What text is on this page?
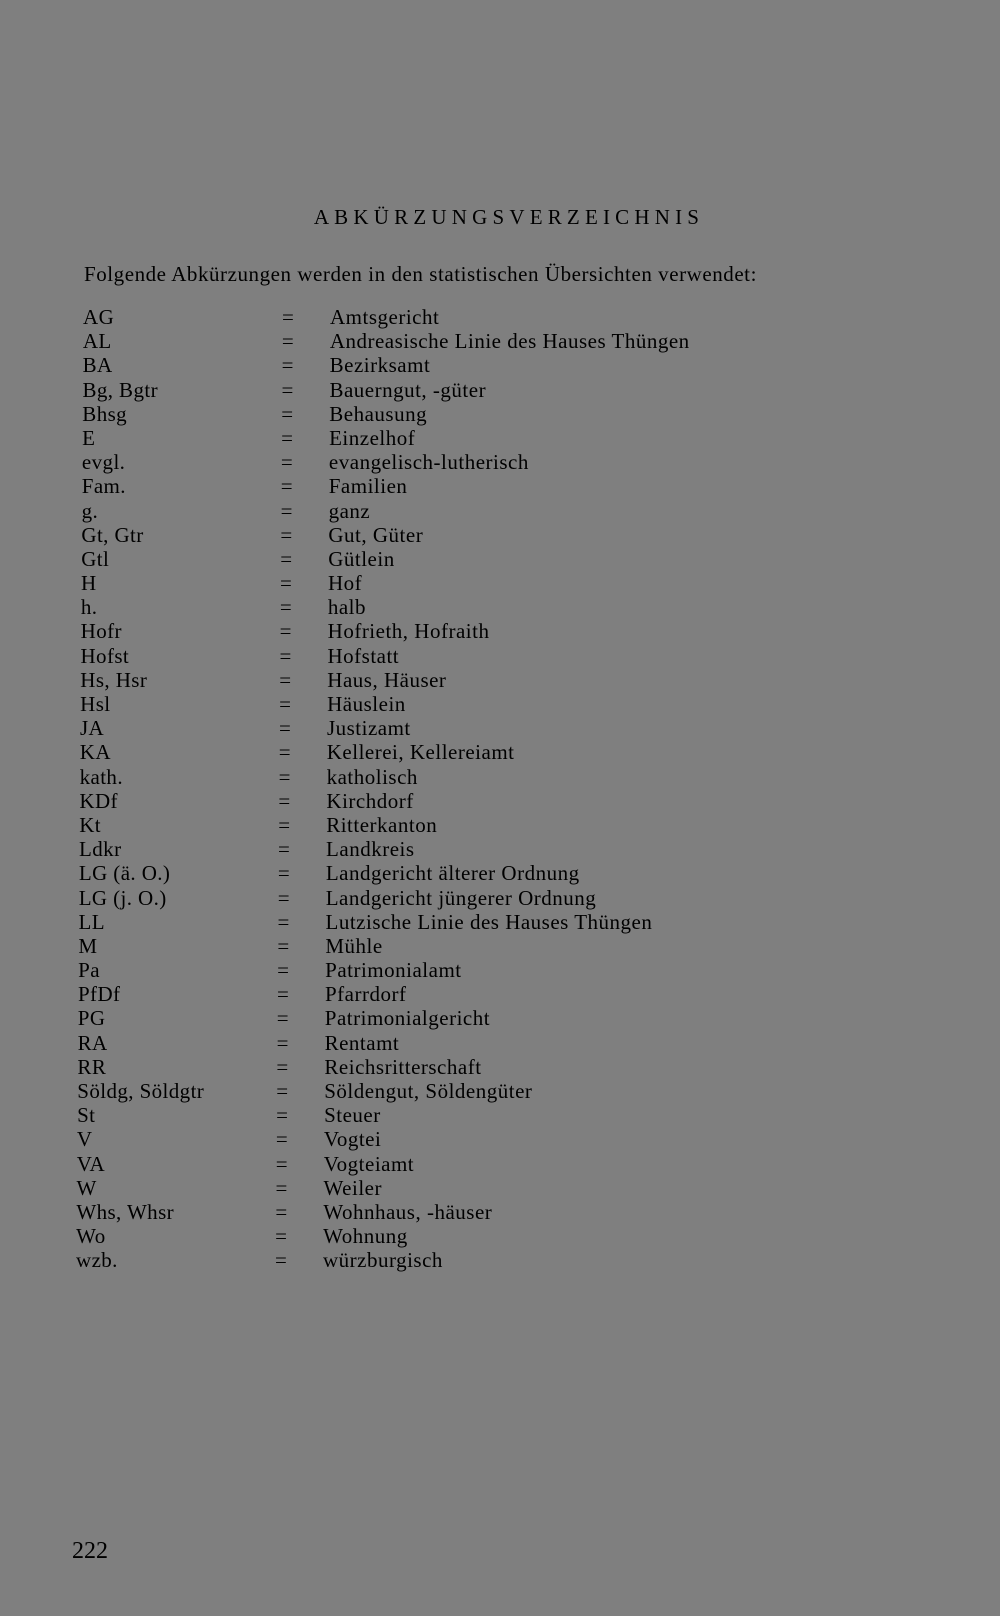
ABKÜRZUNGSVERZEICHNIS
Folgende Abkürzungen werden in den statistischen Übersichten verwendet:
AG	= Amtsgericht
AL	= Andreasische Linie des Hauses Thüngen
BA	= Bezirksamt
Bg, Bgtr	= Bauerngut, -güter
Bhsg	= Behausung
E	= Einzelhof
evgl.	= evangelisch-lutherisch
Fam.	= Familien
g.	= ganz
Gt, Gtr	= Gut, Güter
Gtl	= Gütlein
H	= Hof
h.	= halb
Hofr	= Hofrieth, Hofraith
Hofst	= Hofstatt
Hs, Hsr	= Haus, Häuser
Hsl	= Häuslein
JA	= Justizamt
KA	= Kellerei, Kellereiamt
kath.	= katholisch
KDf	= Kirchdorf
Kt	= Ritterkanton
Ldkr	= Landkreis
LG (ä. O.)	= Landgericht älterer Ordnung
LG (j. O.)	= Landgericht jüngerer Ordnung
LL	= Lutzische Linie des Hauses Thüngen
M	= Mühle
Pa	= Patrimonialamt
PfDf	= Pfarrdorf
PG	= Patrimonialgericht
RA	= Rentamt
RR	= Reichsritterschaft
Söldg, Söldgtr	= Söldengut, Söldengüter
St	= Steuer
V	= Vogtei
VA	= Vogteiamt
W	= Weiler
Whs, Whsr	= Wohnhaus, -häuser
Wo	= Wohnung
wzb.	= würzburgisch
222
